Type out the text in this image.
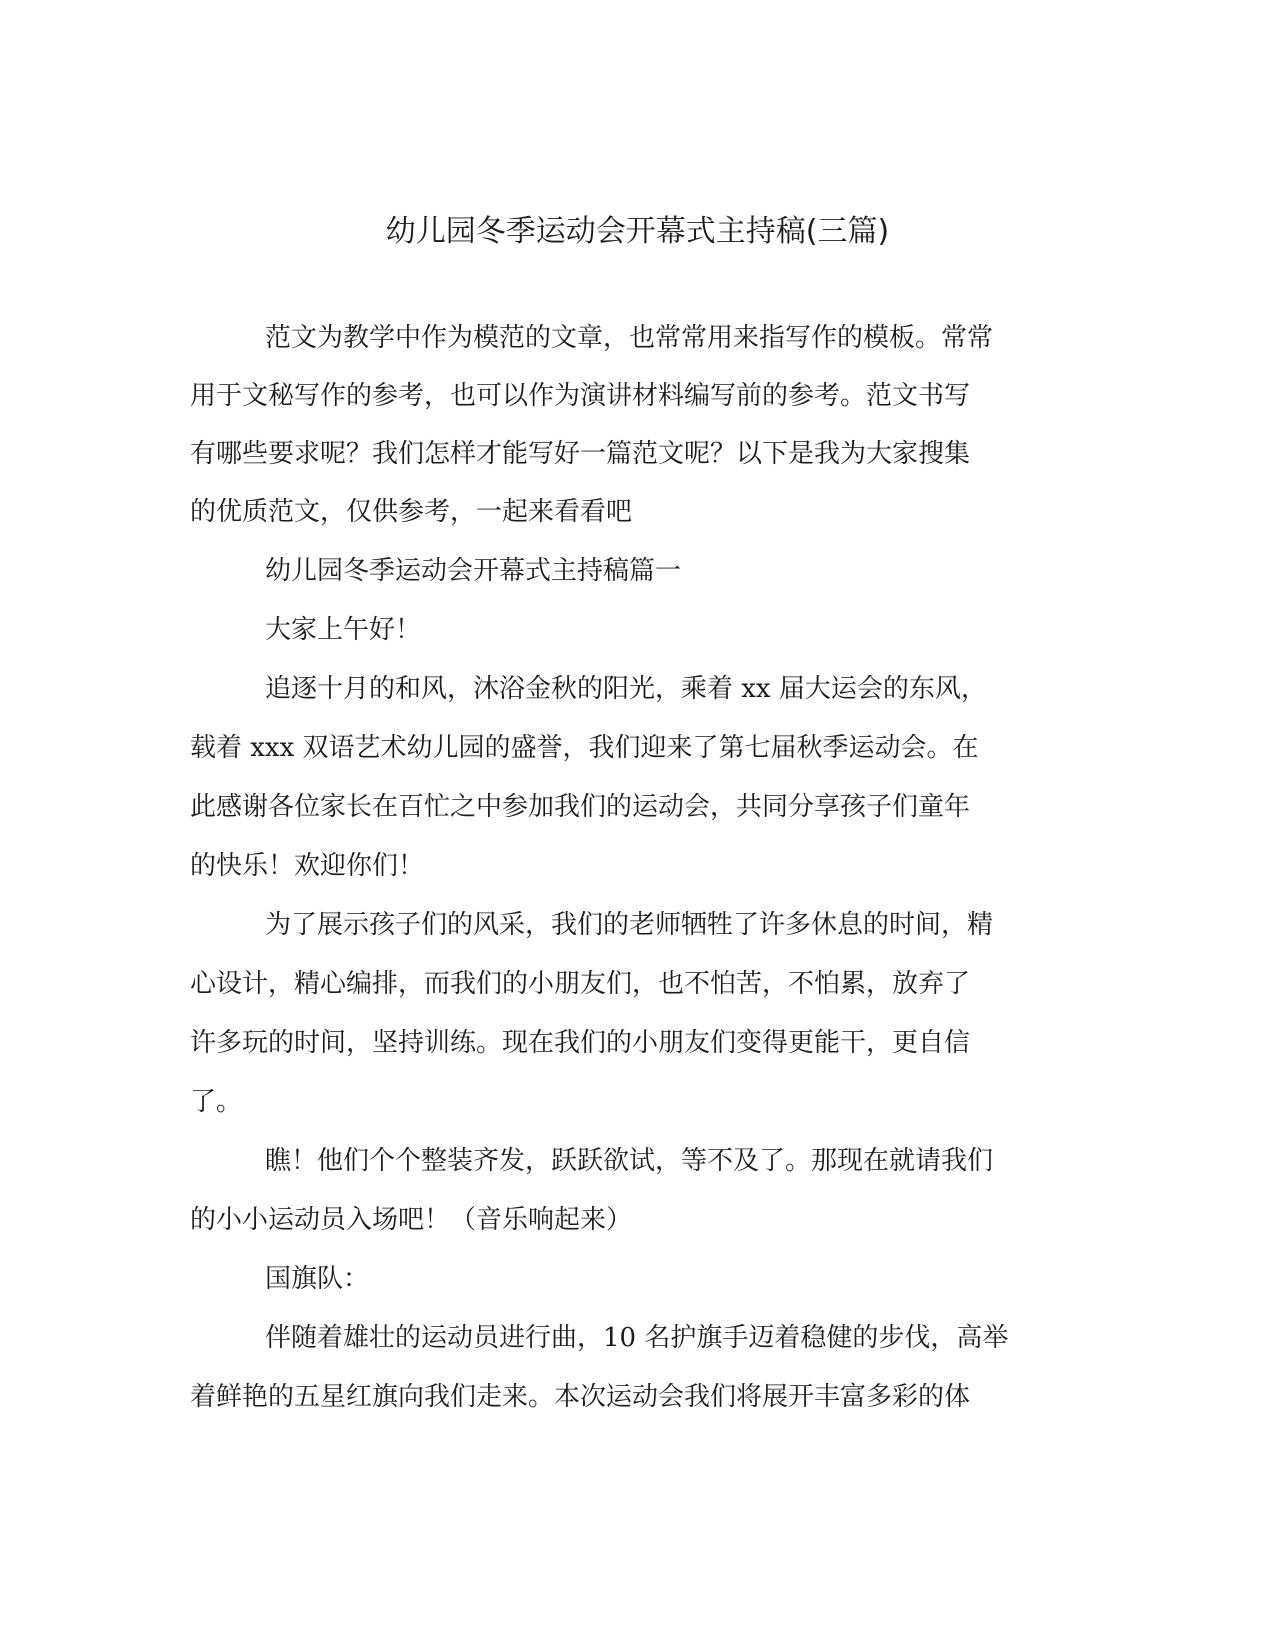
幼儿园冬季运动会开幕式主持稿(三篇)
范文为教学中作为模范的文章，也常常用来指写作的模板。常常
用于文秘写作的参考，也可以作为演讲材料编写前的参考。范文书写
有哪些要求呢？我们怎样才能写好一篇范文呢？以下是我为大家搜集
的优质范文，仅供参考，一起来看看吧
幼儿园冬季运动会开幕式主持稿篇一
大家上午好！
追逐十月的和风，沐浴金秋的阳光，乘着 xx 届大运会的东风，
载着 xxx 双语艺术幼儿园的盛誉，我们迎来了第七届秋季运动会。在
此感谢各位家长在百忙之中参加我们的运动会，共同分享孩子们童年
的快乐！欢迎你们！
为了展示孩子们的风采，我们的老师牺牲了许多休息的时间，精
心设计，精心编排，而我们的小朋友们，也不怕苦，不怕累，放弃了
许多玩的时间，坚持训练。现在我们的小朋友们变得更能干，更自信
了。
瞧！他们个个整装齐发，跃跃欲试，等不及了。那现在就请我们
的小小运动员入场吧！（音乐响起来）
国旗队：
伴随着雄壮的运动员进行曲，10 名护旗手迈着稳健的步伐，高举
着鲜艳的五星红旗向我们走来。本次运动会我们将展开丰富多彩的体
